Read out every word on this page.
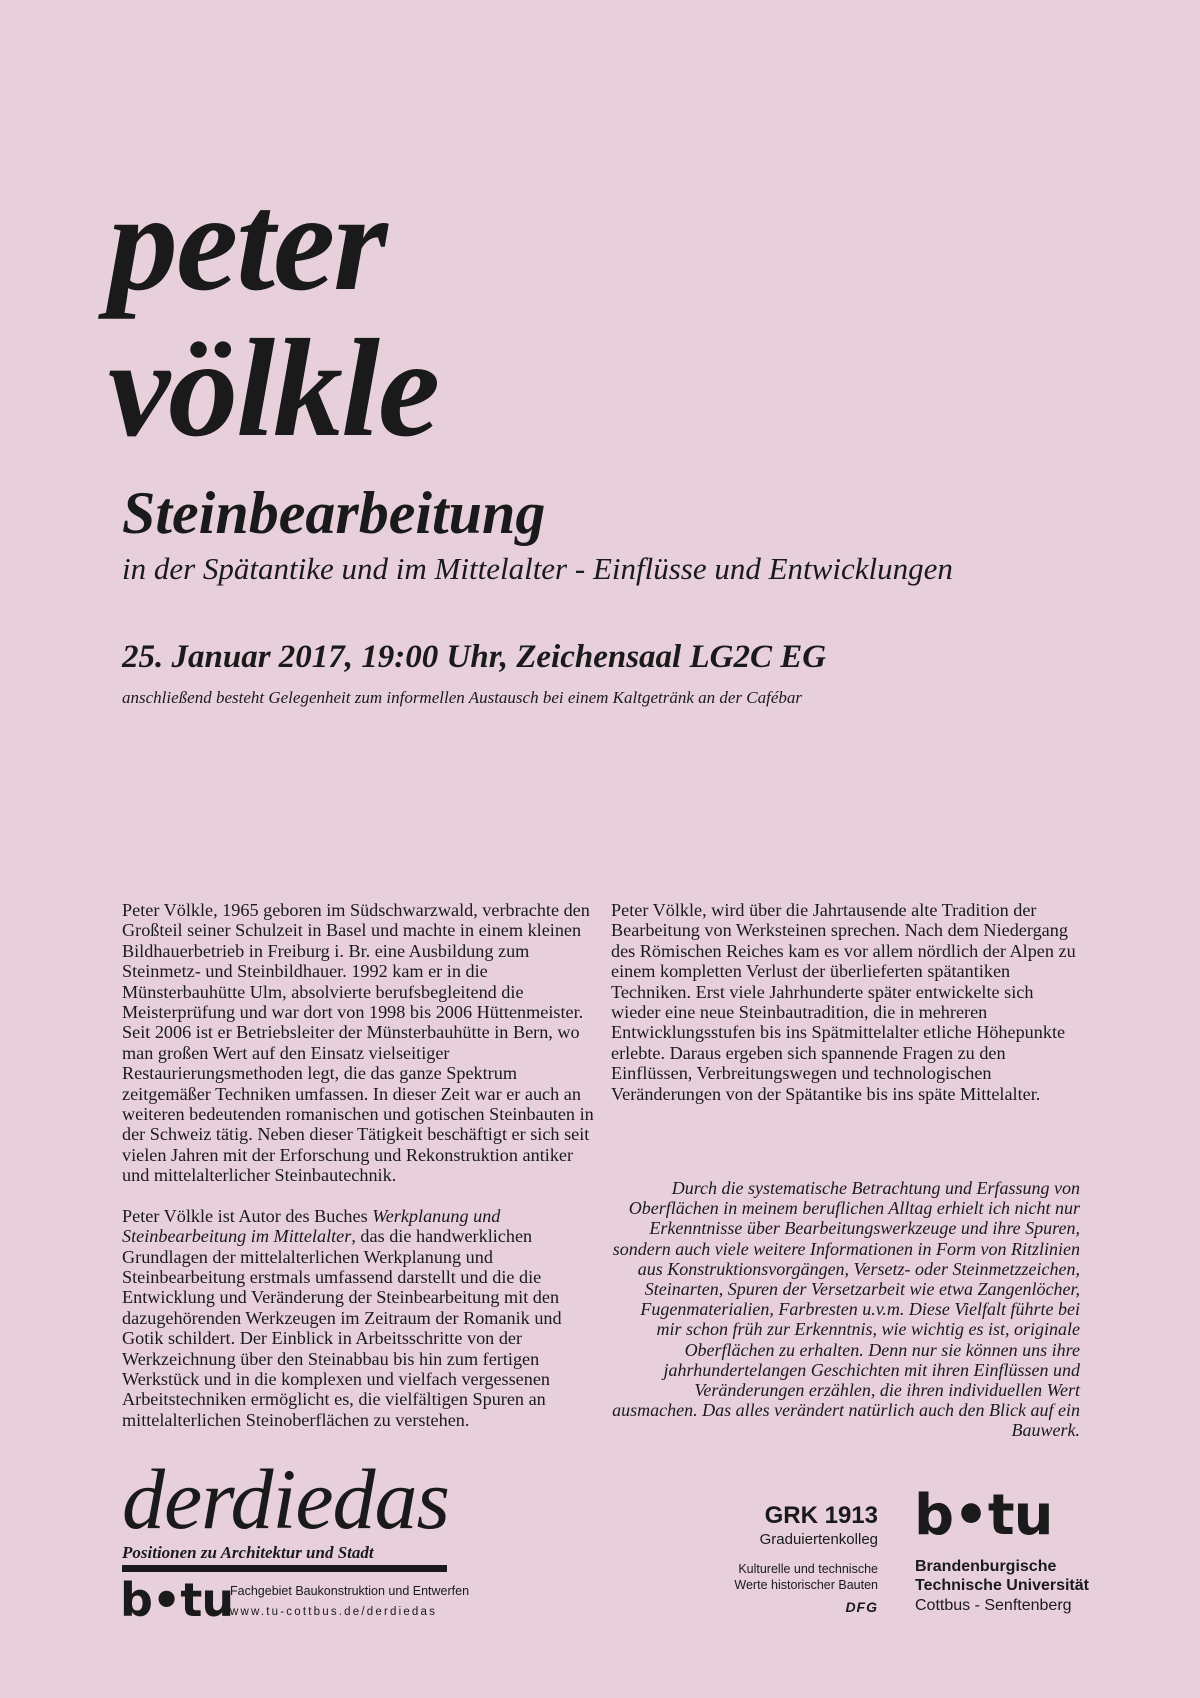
peter
völkle
Steinbearbeitung
in der Spätantike und im Mittelalter - Einflüsse und Entwicklungen
25. Januar 2017, 19:00 Uhr, Zeichensaal LG2C EG
anschließend besteht Gelegenheit zum informellen Austausch bei einem Kaltgetränk an der Cafébar

Peter Völkle, 1965 geboren im Südschwarzwald, verbrachte den Großteil seiner Schulzeit in Basel und machte in einem kleinen Bildhauerbetrieb in Freiburg i. Br. eine Ausbildung zum Steinmetz- und Steinbildhauer. 1992 kam er in die Münsterbauhütte Ulm, absolvierte berufsbegleitend die Meisterprüfung und war dort von 1998 bis 2006 Hüttenmeister. Seit 2006 ist er Betriebsleiter der Münsterbauhütte in Bern, wo man großen Wert auf den Einsatz vielseitiger Restaurierungsmethoden legt, die das ganze Spektrum zeitgemäßer Techniken umfassen. In dieser Zeit war er auch an weiteren bedeutenden romanischen und gotischen Steinbauten in der Schweiz tätig. Neben dieser Tätigkeit beschäftigt er sich seit vielen Jahren mit der Erforschung und Rekonstruktion antiker und mittelalterlicher Steinbautechnik.

Peter Völkle ist Autor des Buches Werkplanung und Steinbearbeitung im Mittelalter, das die handwerklichen Grundlagen der mittelalterlichen Werkplanung und Steinbearbeitung erstmals umfassend darstellt und die die Entwicklung und Veränderung der Steinbearbeitung mit den dazugehörenden Werkzeugen im Zeitraum der Romanik und Gotik schildert. Der Einblick in Arbeitsschritte von der Werkzeichnung über den Steinabbau bis hin zum fertigen Werkstück und in die komplexen und vielfach vergessenen Arbeitstechniken ermöglicht es, die vielfältigen Spuren an mittelalterlichen Steinoberflächen zu verstehen.

Peter Völkle, wird über die Jahrtausende alte Tradition der Bearbeitung von Werksteinen sprechen. Nach dem Niedergang des Römischen Reiches kam es vor allem nördlich der Alpen zu einem kompletten Verlust der überlieferten spätantiken Techniken. Erst viele Jahrhunderte später entwickelte sich wieder eine neue Steinbautradition, die in mehreren Entwicklungsstufen bis ins Spätmittelalter etliche Höhepunkte erlebte. Daraus ergeben sich spannende Fragen zu den Einflüssen, Verbreitungswegen und technologischen Veränderungen von der Spätantike bis ins späte Mittelalter.

Durch die systematische Betrachtung und Erfassung von Oberflächen in meinem beruflichen Alltag erhielt ich nicht nur Erkenntnisse über Bearbeitungswerkzeuge und ihre Spuren, sondern auch viele weitere Informationen in Form von Ritzlinien aus Konstruktionsvorgängen, Versetz- oder Steinmetzzeichen, Steinarten, Spuren der Versetzarbeit wie etwa Zangenlöcher, Fugenmaterialien, Farbresten u.v.m. Diese Vielfalt führte bei mir schon früh zur Erkenntnis, wie wichtig es ist, originale Oberflächen zu erhalten. Denn nur sie können uns ihre jahrhundertelangen Geschichten mit ihren Einflüssen und Veränderungen erzählen, die ihren individuellen Wert ausmachen. Das alles verändert natürlich auch den Blick auf ein Bauwerk.
derdiedas
Positionen zu Architektur und Stadt
b•tu
Fachgebiet Baukonstruktion und Entwerfen
www.tu-cottbus.de/derdiedas
GRK 1913
Graduiertenkolleg
Kulturelle und technische
Werte historischer Bauten
DFG
b•tu
Brandenburgische
Technische Universität
Cottbus - Senftenberg
